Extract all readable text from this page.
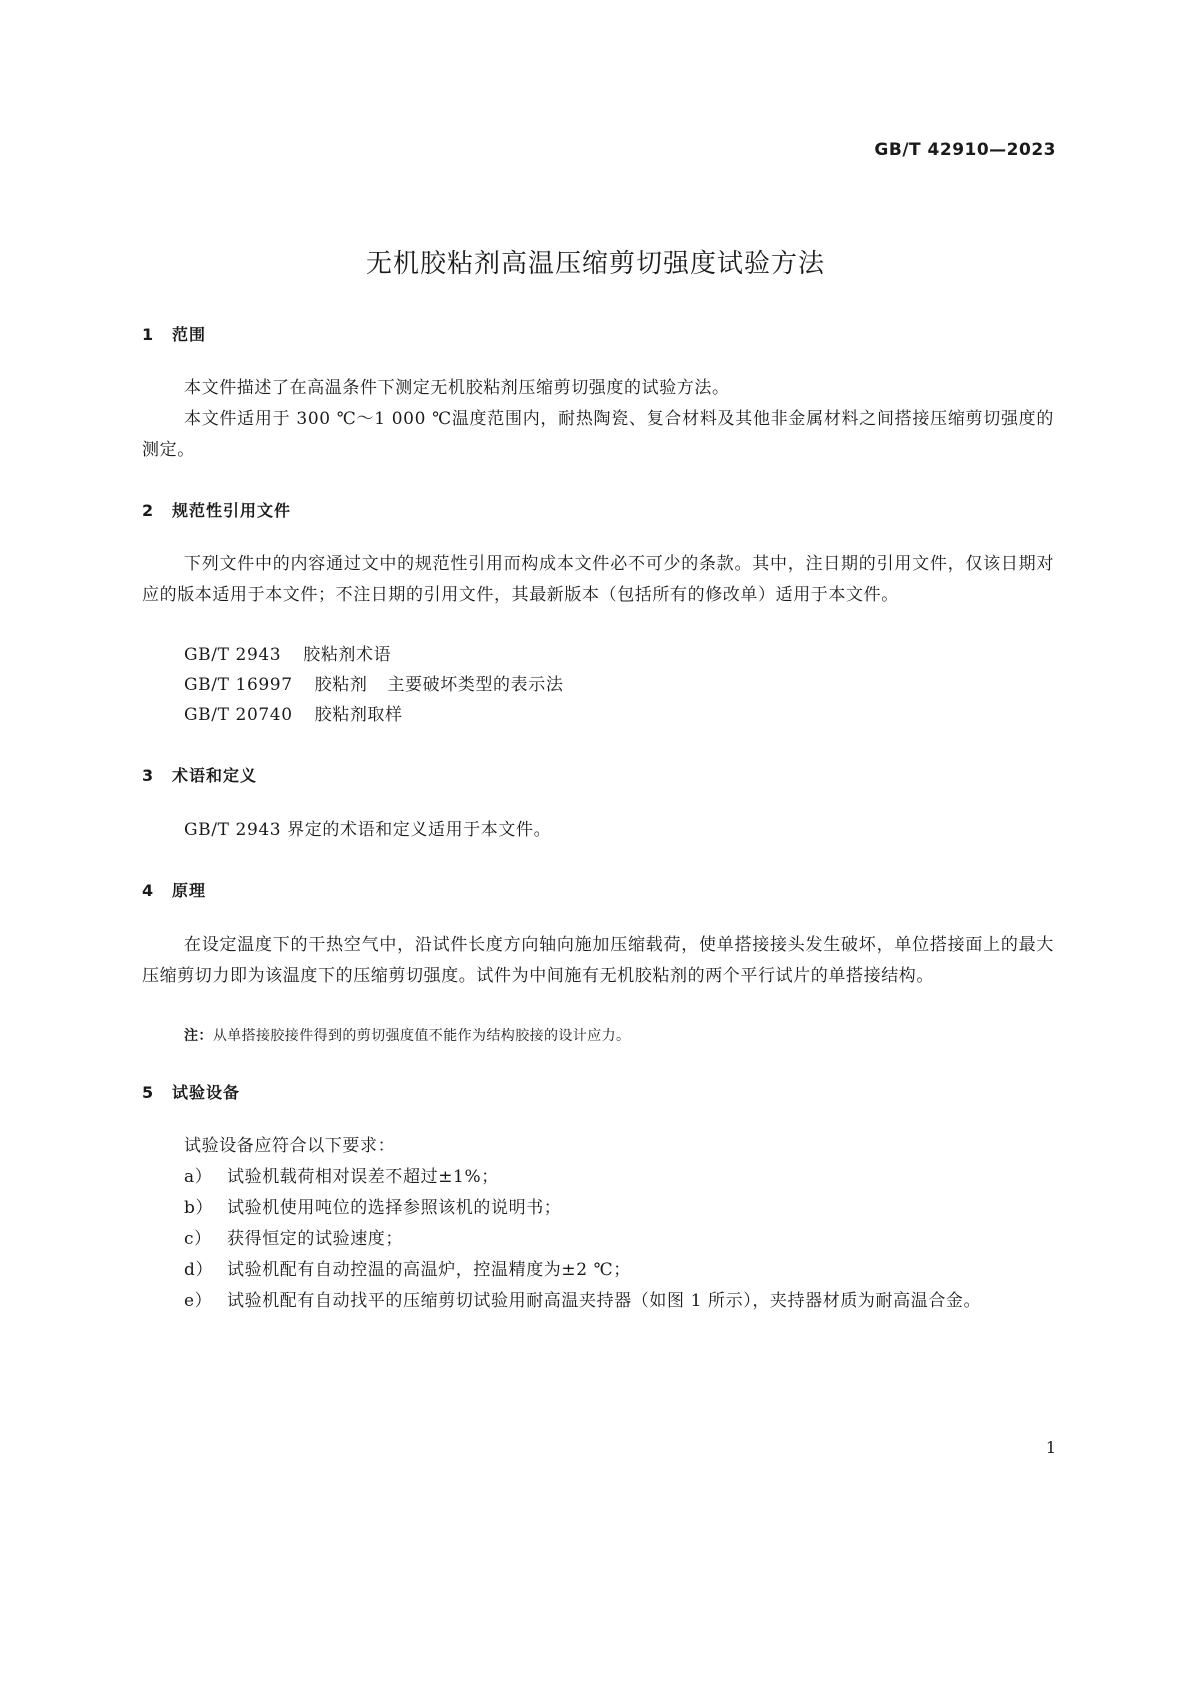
GB/T 42910—2023
无机胶粘剂高温压缩剪切强度试验方法
1 范围
本文件描述了在高温条件下测定无机胶粘剂压缩剪切强度的试验方法。
本文件适用于 300 ℃～1 000 ℃温度范围内，耐热陶瓷、复合材料及其他非金属材料之间搭接压缩剪切强度的测定。
2 规范性引用文件
下列文件中的内容通过文中的规范性引用而构成本文件必不可少的条款。其中，注日期的引用文件，仅该日期对应的版本适用于本文件；不注日期的引用文件，其最新版本（包括所有的修改单）适用于本文件。
GB/T 2943 胶粘剂术语
GB/T 16997 胶粘剂 主要破坏类型的表示法
GB/T 20740 胶粘剂取样
3 术语和定义
GB/T 2943 界定的术语和定义适用于本文件。
4 原理
在设定温度下的干热空气中，沿试件长度方向轴向施加压缩载荷，使单搭接接头发生破坏，单位搭接面上的最大压缩剪切力即为该温度下的压缩剪切强度。试件为中间施有无机胶粘剂的两个平行试片的单搭接结构。
注：从单搭接胶接件得到的剪切强度值不能作为结构胶接的设计应力。
5 试验设备
试验设备应符合以下要求：
a） 试验机载荷相对误差不超过±1%；
b） 试验机使用吨位的选择参照该机的说明书；
c） 获得恒定的试验速度；
d） 试验机配有自动控温的高温炉，控温精度为±2 ℃；
e） 试验机配有自动找平的压缩剪切试验用耐高温夹持器（如图 1 所示），夹持器材质为耐高温合金。
1
